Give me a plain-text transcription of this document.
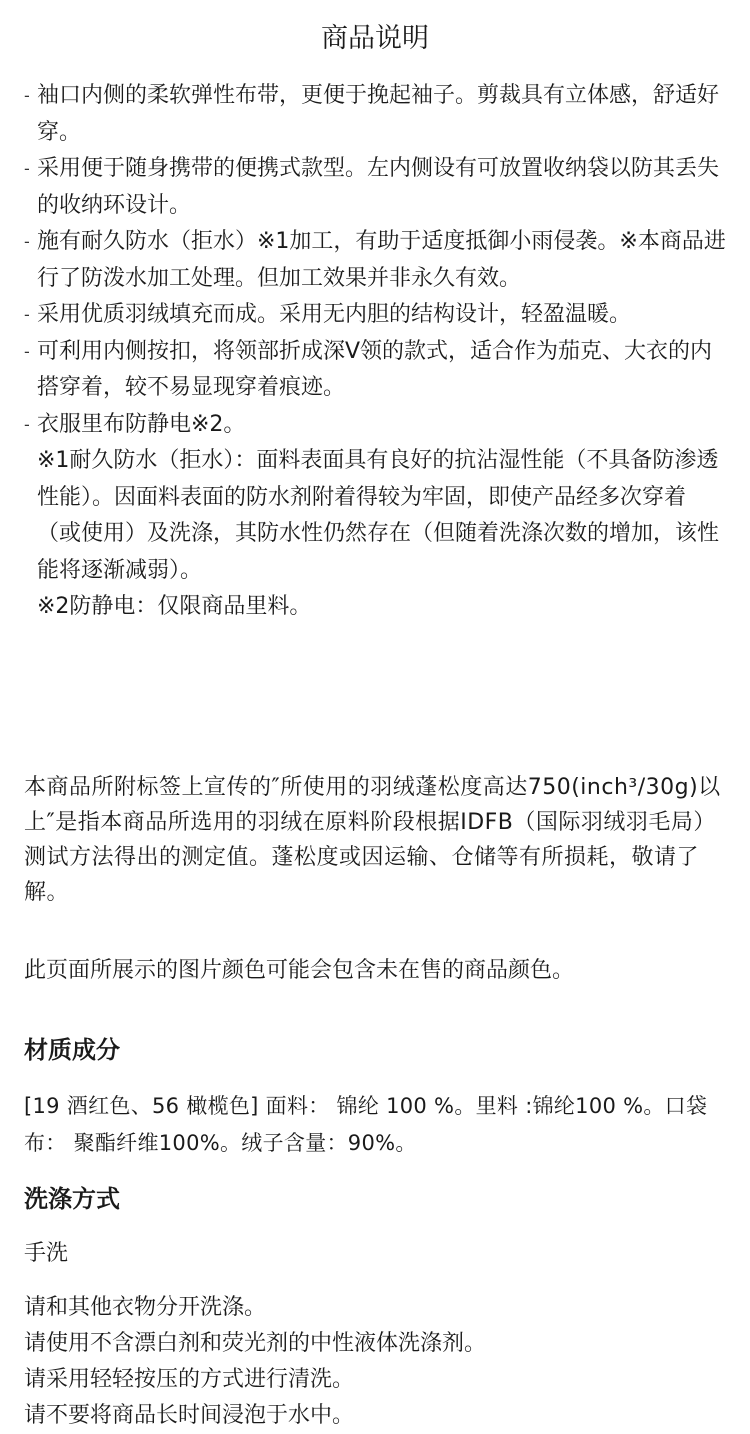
商品说明
- 袖口内侧的柔软弹性布带，更便于挽起袖子。剪裁具有立体感，舒适好穿。
- 采用便于随身携带的便携式款型。左内侧设有可放置收纳袋以防其丢失的收纳环设计。
- 施有耐久防水（拒水）※1加工，有助于适度抵御小雨侵袭。※本商品进行了防泼水加工处理。但加工效果并非永久有效。
- 采用优质羽绒填充而成。采用无内胆的结构设计，轻盈温暖。
- 可利用内侧按扣，将领部折成深V领的款式，适合作为茄克、大衣的内搭穿着，较不易显现穿着痕迹。
- 衣服里布防静电※2。
※1耐久防水（拒水）：面料表面具有良好的抗沾湿性能（不具备防渗透性能）。因面料表面的防水剂附着得较为牢固，即使产品经多次穿着（或使用）及洗涤，其防水性仍然存在（但随着洗涤次数的增加，该性能将逐渐减弱）。
※2防静电：仅限商品里料。
本商品所附标签上宣传的″所使用的羽绒蓬松度高达750(inch³/30g)以上″是指本商品所选用的羽绒在原料阶段根据IDFB（国际羽绒羽毛局）测试方法得出的测定值。蓬松度或因运输、仓储等有所损耗，敬请了解。
此页面所展示的图片颜色可能会包含未在售的商品颜色。
材质成分
[19 酒红色、56 橄榄色] 面料： 锦纶 100 %。里料 :锦纶100 %。口袋布： 聚酯纤维100%。绒子含量：90%。
洗涤方式
手洗
请和其他衣物分开洗涤。
请使用不含漂白剂和荧光剂的中性液体洗涤剂。
请采用轻轻按压的方式进行清洗。
请不要将商品长时间浸泡于水中。
